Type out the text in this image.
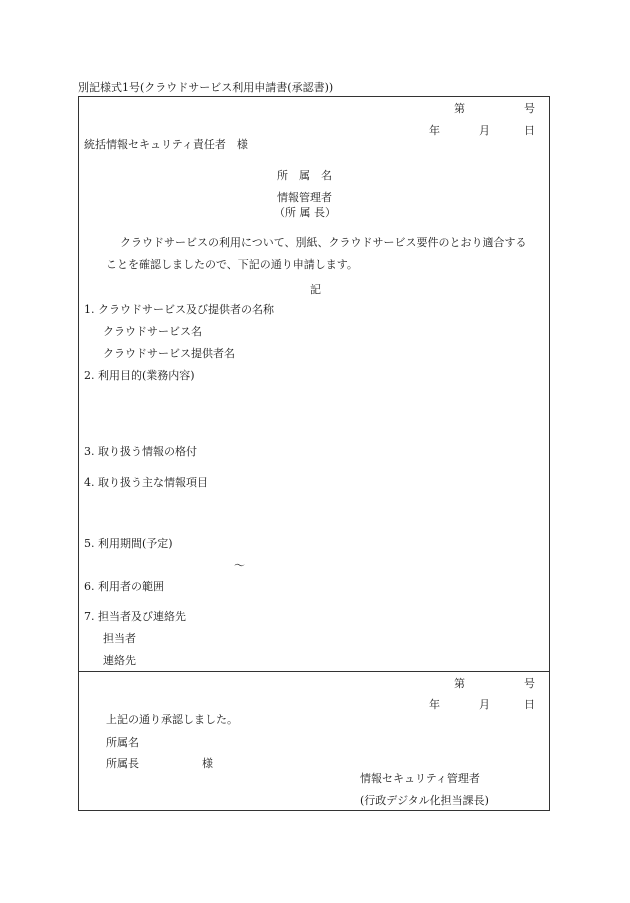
別記様式1号(クラウドサービス利用申請書(承認書))
第	号
年	月	日
統括情報セキュリティ責任者　様
所　属　名
情報管理者
（所 属 長）
クラウドサービスの利用について、別紙、クラウドサービス要件のとおり適合する
ことを確認しましたので、下記の通り申請します。
記
1. クラウドサービス及び提供者の名称
クラウドサービス名
クラウドサービス提供者名
2. 利用目的(業務内容)
3. 取り扱う情報の格付
4. 取り扱う主な情報項目
5. 利用期間(予定)
～
6. 利用者の範囲
7. 担当者及び連絡先
担当者
連絡先
第	号
年	月	日
上記の通り承認しました。
所属名
所属長	様
情報セキュリティ管理者
(行政デジタル化担当課長)
